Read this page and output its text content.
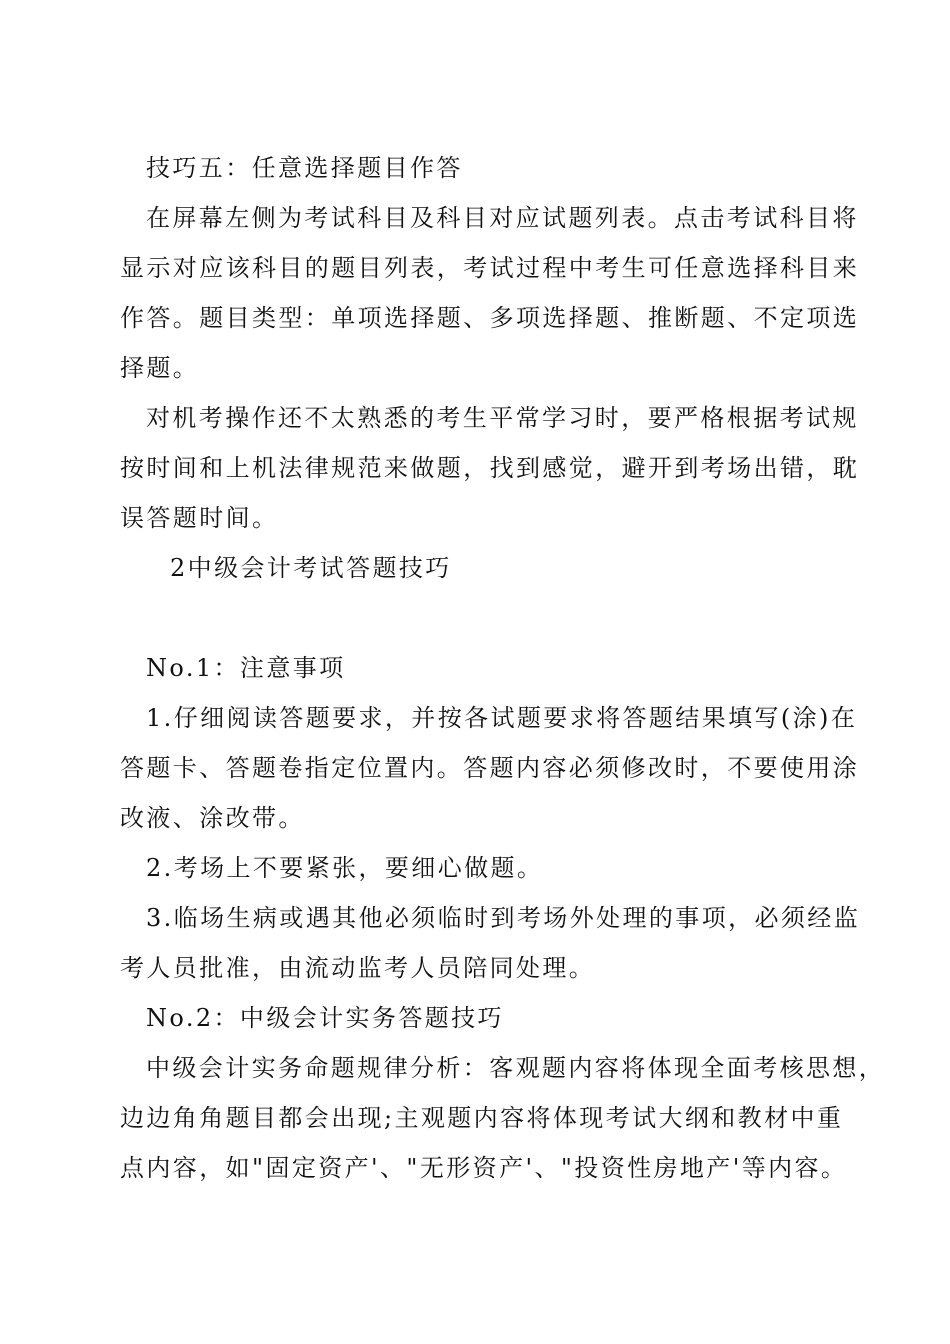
技巧五：任意选择题目作答
在屏幕左侧为考试科目及科目对应试题列表。点击考试科目将
显示对应该科目的题目列表，考试过程中考生可任意选择科目来
作答。题目类型：单项选择题、多项选择题、推断题、不定项选
择题。
对机考操作还不太熟悉的考生平常学习时，要严格根据考试规
按时间和上机法律规范来做题，找到感觉，避开到考场出错，耽
误答题时间。
2中级会计考试答题技巧
No.1：注意事项
1.仔细阅读答题要求，并按各试题要求将答题结果填写(涂)在
答题卡、答题卷指定位置内。答题内容必须修改时，不要使用涂
改液、涂改带。
2.考场上不要紧张，要细心做题。
3.临场生病或遇其他必须临时到考场外处理的事项，必须经监
考人员批准，由流动监考人员陪同处理。
No.2：中级会计实务答题技巧
中级会计实务命题规律分析：客观题内容将体现全面考核思想，
边边角角题目都会出现;主观题内容将体现考试大纲和教材中重
点内容，如"固定资产'、"无形资产'、"投资性房地产'等内容。
